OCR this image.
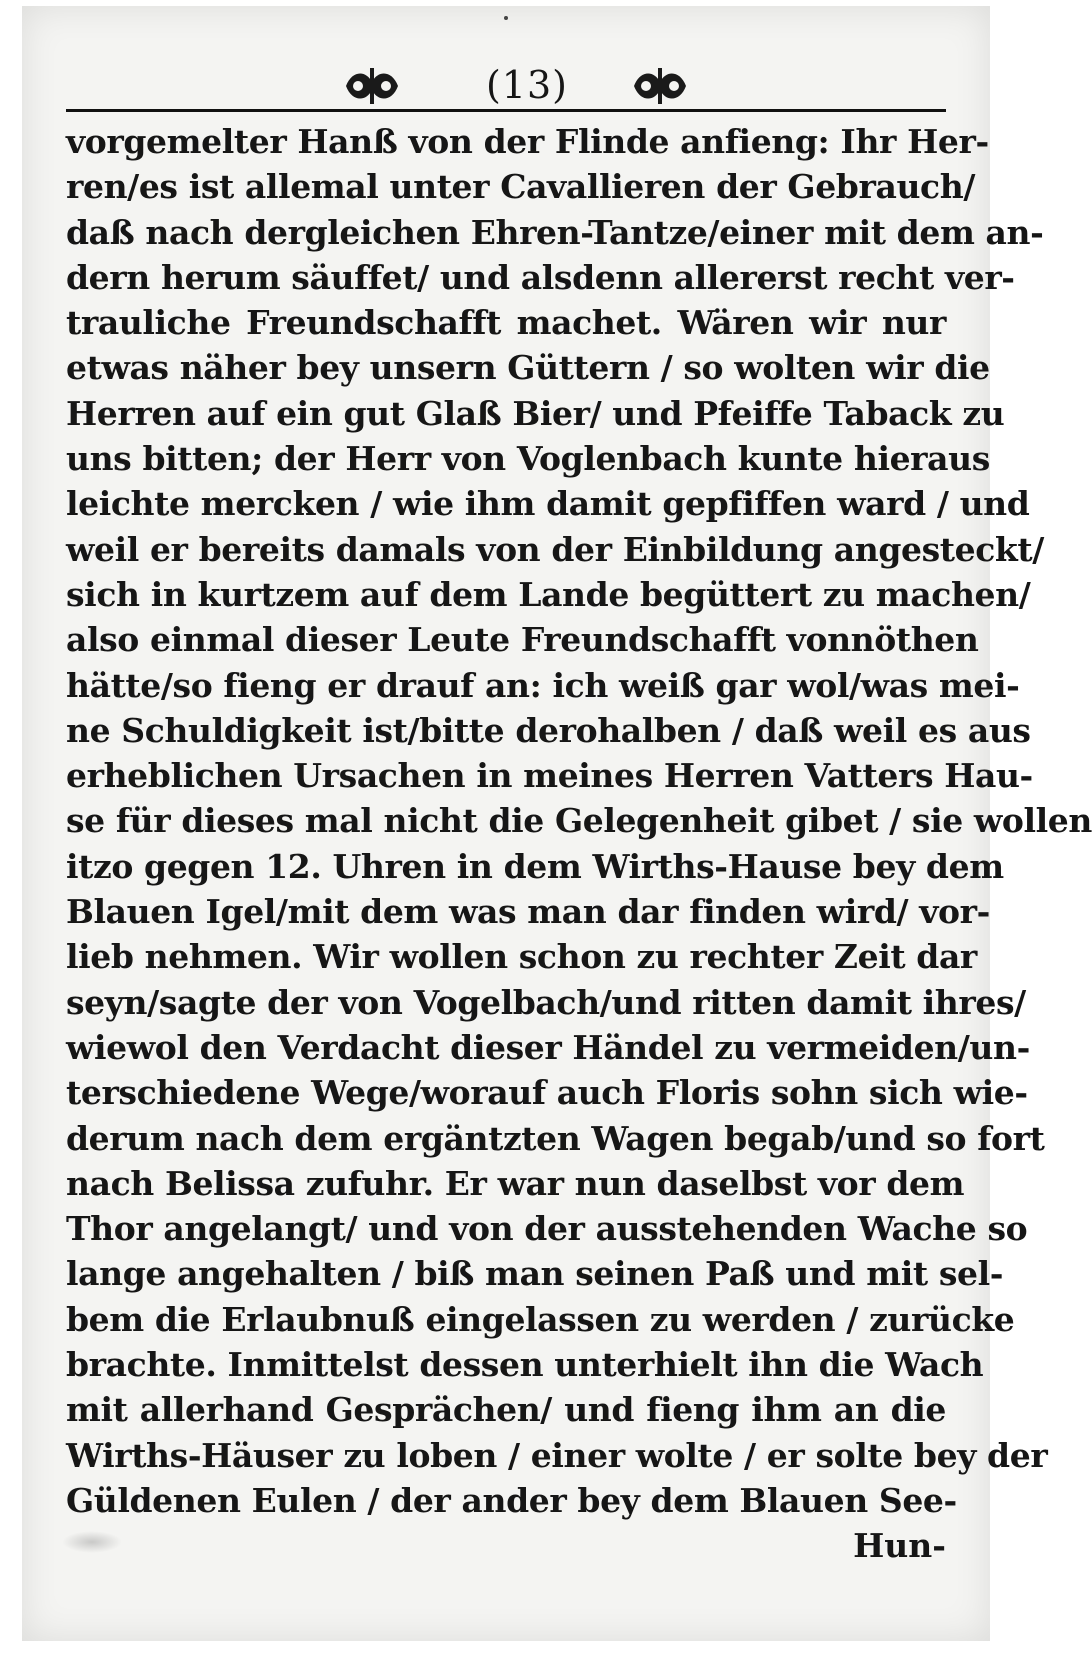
(13)
vorgemelter Hanß von der Flinde anfieng: Ihr Her-
ren/es ist allemal unter Cavallieren der Gebrauch/
daß nach dergleichen Ehren-Tantze/einer mit dem an-
dern herum säuffet/ und alsdenn allererst recht ver-
trauliche Freundschafft machet. Wären wir nur
etwas näher bey unsern Güttern / so wolten wir die
Herren auf ein gut Glaß Bier/ und Pfeiffe Taback zu
uns bitten; der Herr von Voglenbach kunte hieraus
leichte mercken / wie ihm damit gepfiffen ward / und
weil er bereits damals von der Einbildung angesteckt/
sich in kurtzem auf dem Lande begüttert zu machen/
also einmal dieser Leute Freundschafft vonnöthen
hätte/so fieng er drauf an: ich weiß gar wol/was mei-
ne Schuldigkeit ist/bitte derohalben / daß weil es aus
erheblichen Ursachen in meines Herren Vatters Hau-
se für dieses mal nicht die Gelegenheit gibet / sie wollen
itzo gegen 12. Uhren in dem Wirths-Hause bey dem
Blauen Igel/mit dem was man dar finden wird/ vor-
lieb nehmen. Wir wollen schon zu rechter Zeit dar
seyn/sagte der von Vogelbach/und ritten damit ihres/
wiewol den Verdacht dieser Händel zu vermeiden/un-
terschiedene Wege/worauf auch Floris sohn sich wie-
derum nach dem ergäntzten Wagen begab/und so fort
nach Belissa zufuhr. Er war nun daselbst vor dem
Thor angelangt/ und von der ausstehenden Wache so
lange angehalten / biß man seinen Paß und mit sel-
bem die Erlaubnuß eingelassen zu werden / zurücke
brachte. Inmittelst dessen unterhielt ihn die Wach
mit allerhand Gesprächen/ und fieng ihm an die
Wirths-Häuser zu loben / einer wolte / er solte bey der
Güldenen Eulen / der ander bey dem Blauen See-
Hun-
